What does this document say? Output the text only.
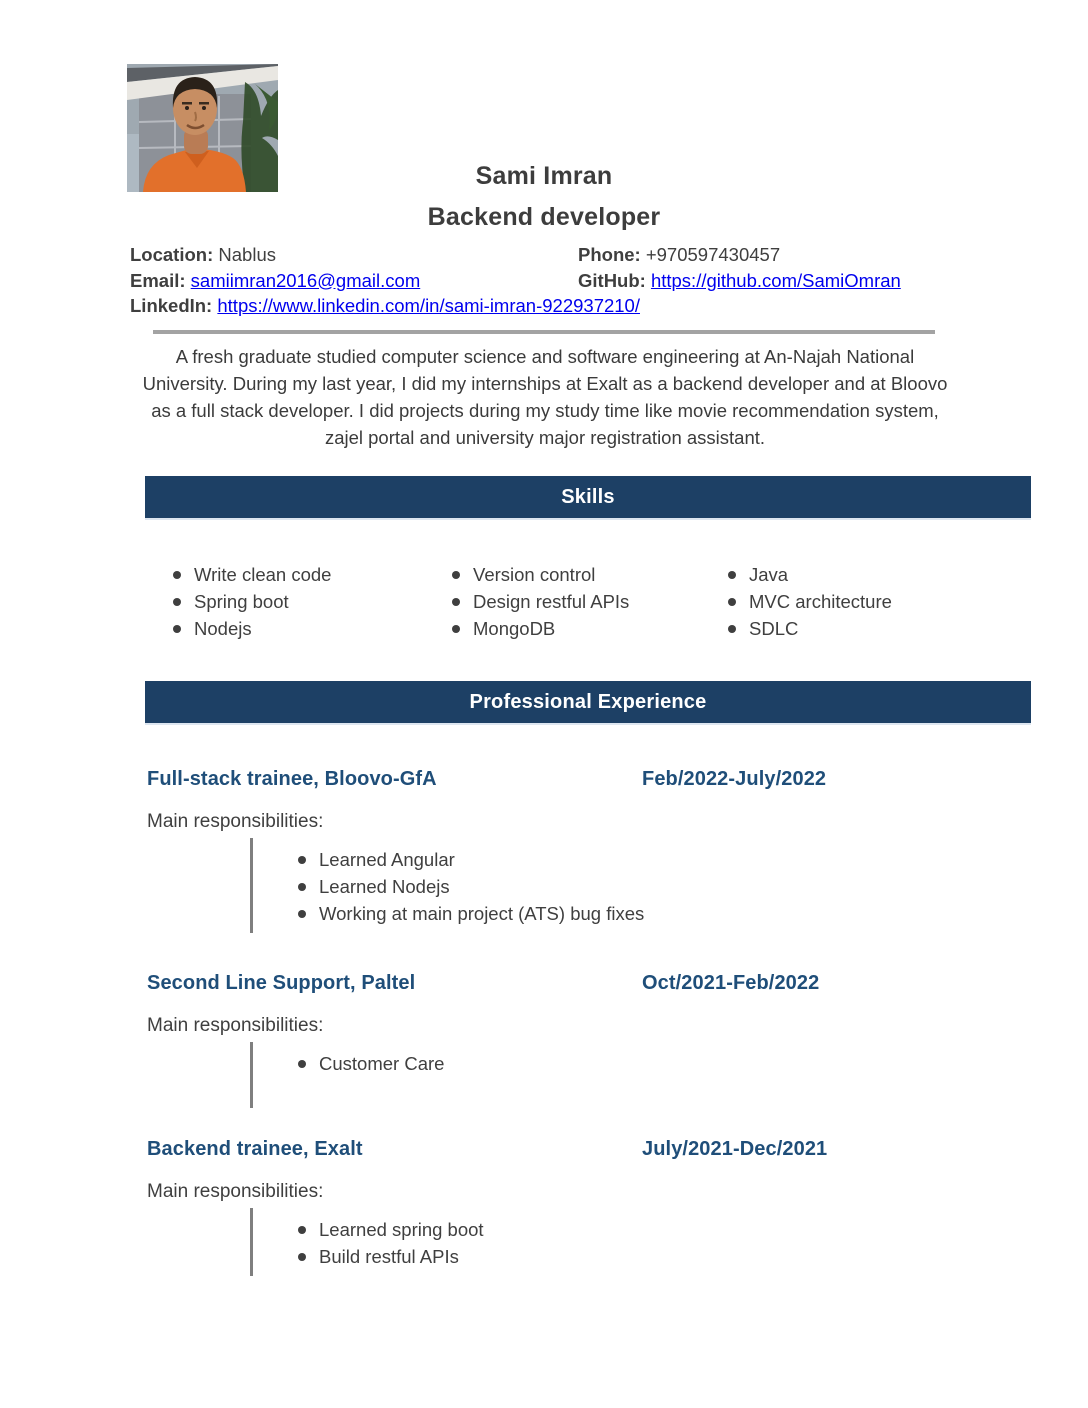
Sami Imran
Backend developer
Location: Nablus	Phone: +970597430457
Email: samiimran2016@gmail.com	GitHub: https://github.com/SamiOmran
LinkedIn: https://www.linkedin.com/in/sami-imran-922937210/
A fresh graduate studied computer science and software engineering at An-Najah National University. During my last year, I did my internships at Exalt as a backend developer and at Bloovo as a full stack developer. I did projects during my study time like movie recommendation system, zajel portal and university major registration assistant.
Skills
Write clean code
Spring boot
Nodejs
Version control
Design restful APIs
MongoDB
Java
MVC architecture
SDLC
Professional Experience
Full-stack trainee, Bloovo-GfA	Feb/2022-July/2022
Main responsibilities:
Learned Angular
Learned Nodejs
Working at main project (ATS) bug fixes
Second Line Support, Paltel	Oct/2021-Feb/2022
Main responsibilities:
Customer Care
Backend trainee, Exalt	July/2021-Dec/2021
Main responsibilities:
Learned spring boot
Build restful APIs
